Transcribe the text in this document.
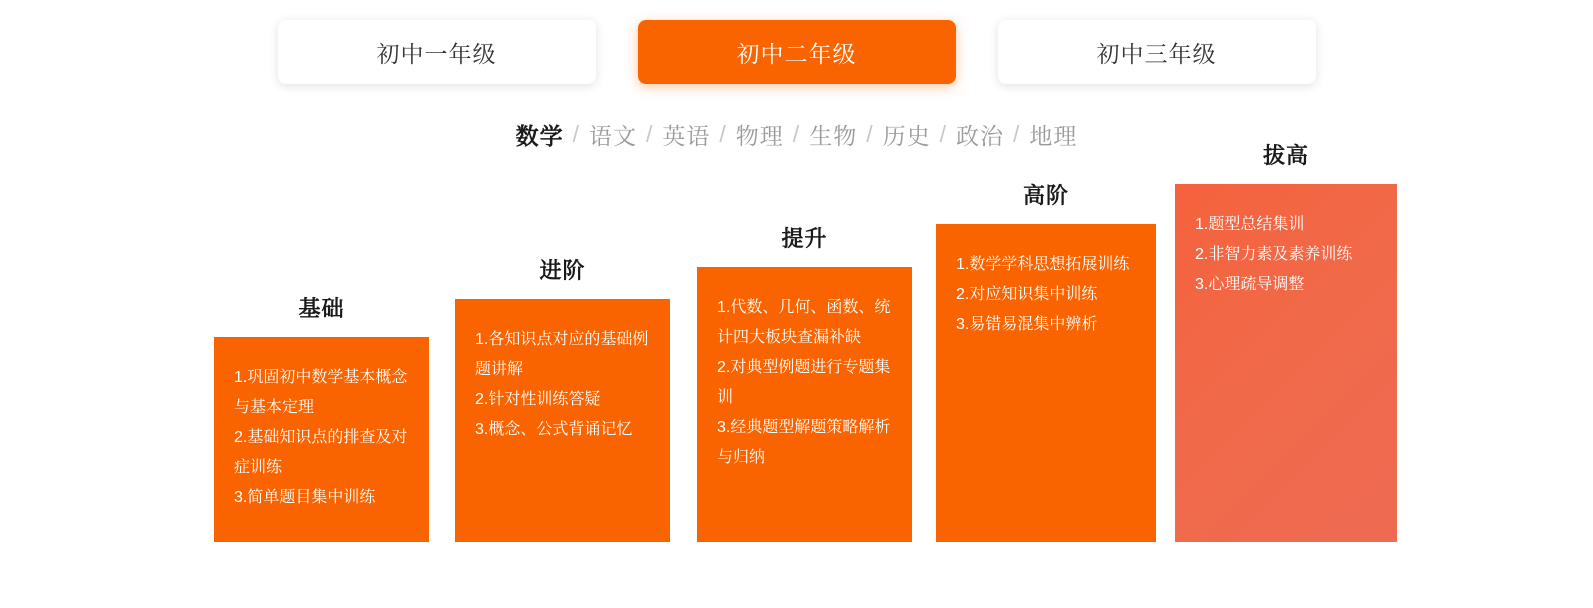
初中一年级	初中二年级	初中三年级
数学 / 语文 / 英语 / 物理 / 生物 / 历史 / 政治 / 地理
基础
1.巩固初中数学基本概念与基本定理
2.基础知识点的排查及对症训练
3.简单题目集中训练
进阶
1.各知识点对应的基础例题讲解
2.针对性训练答疑
3.概念、公式背诵记忆
提升
1.代数、几何、函数、统计四大板块查漏补缺
2.对典型例题进行专题集训
3.经典题型解题策略解析与归纳
高阶
1.数学学科思想拓展训练
2.对应知识集中训练
3.易错易混集中辨析
拔高
1.题型总结集训
2.非智力素及素养训练
3.心理疏导调整
